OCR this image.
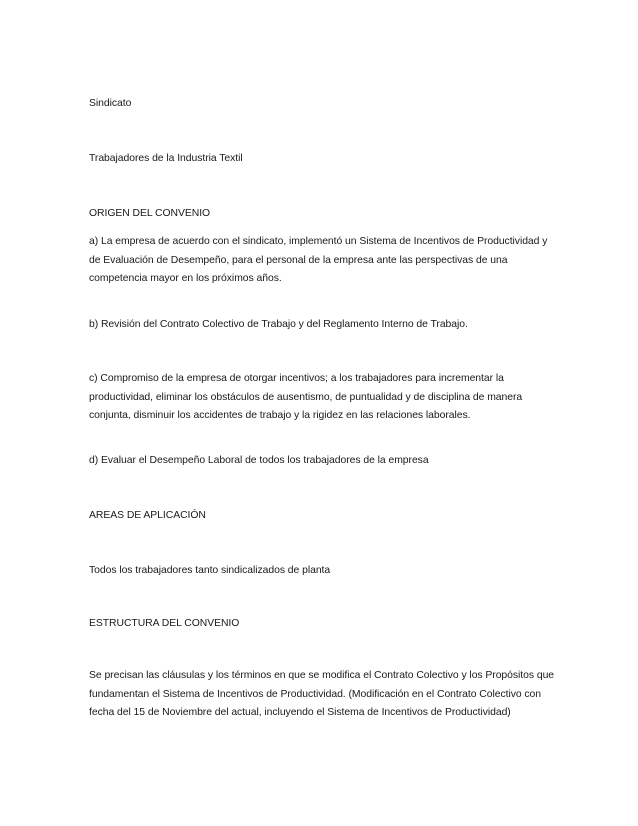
Sindicato

Trabajadores de la Industria Textil

ORIGEN DEL CONVENIO

a) La empresa de acuerdo con el sindicato, implementó un Sistema de Incentivos de Productividad y de Evaluación de Desempeño, para el personal de la empresa ante las perspectivas de una competencia mayor en los próximos años.

b) Revisión del Contrato Colectivo de Trabajo y del Reglamento Interno de Trabajo.

c) Compromiso de la empresa de otorgar incentivos; a los trabajadores para incrementar la productividad, eliminar los obstáculos de ausentismo, de puntualidad y de disciplina de manera conjunta, disminuir los accidentes de trabajo y la rigidez en las relaciones laborales.

d) Evaluar el Desempeño Laboral de todos los trabajadores de la empresa

AREAS DE APLICACIÓN

Todos los trabajadores tanto sindicalizados de planta

ESTRUCTURA DEL CONVENIO

Se precisan las cláusulas y los términos en que se modifica el Contrato Colectivo y los Propósitos que fundamentan el Sistema de Incentivos de Productividad. (Modificación en el Contrato Colectivo con fecha del 15 de Noviembre del actual, incluyendo el Sistema de Incentivos de Productividad)
